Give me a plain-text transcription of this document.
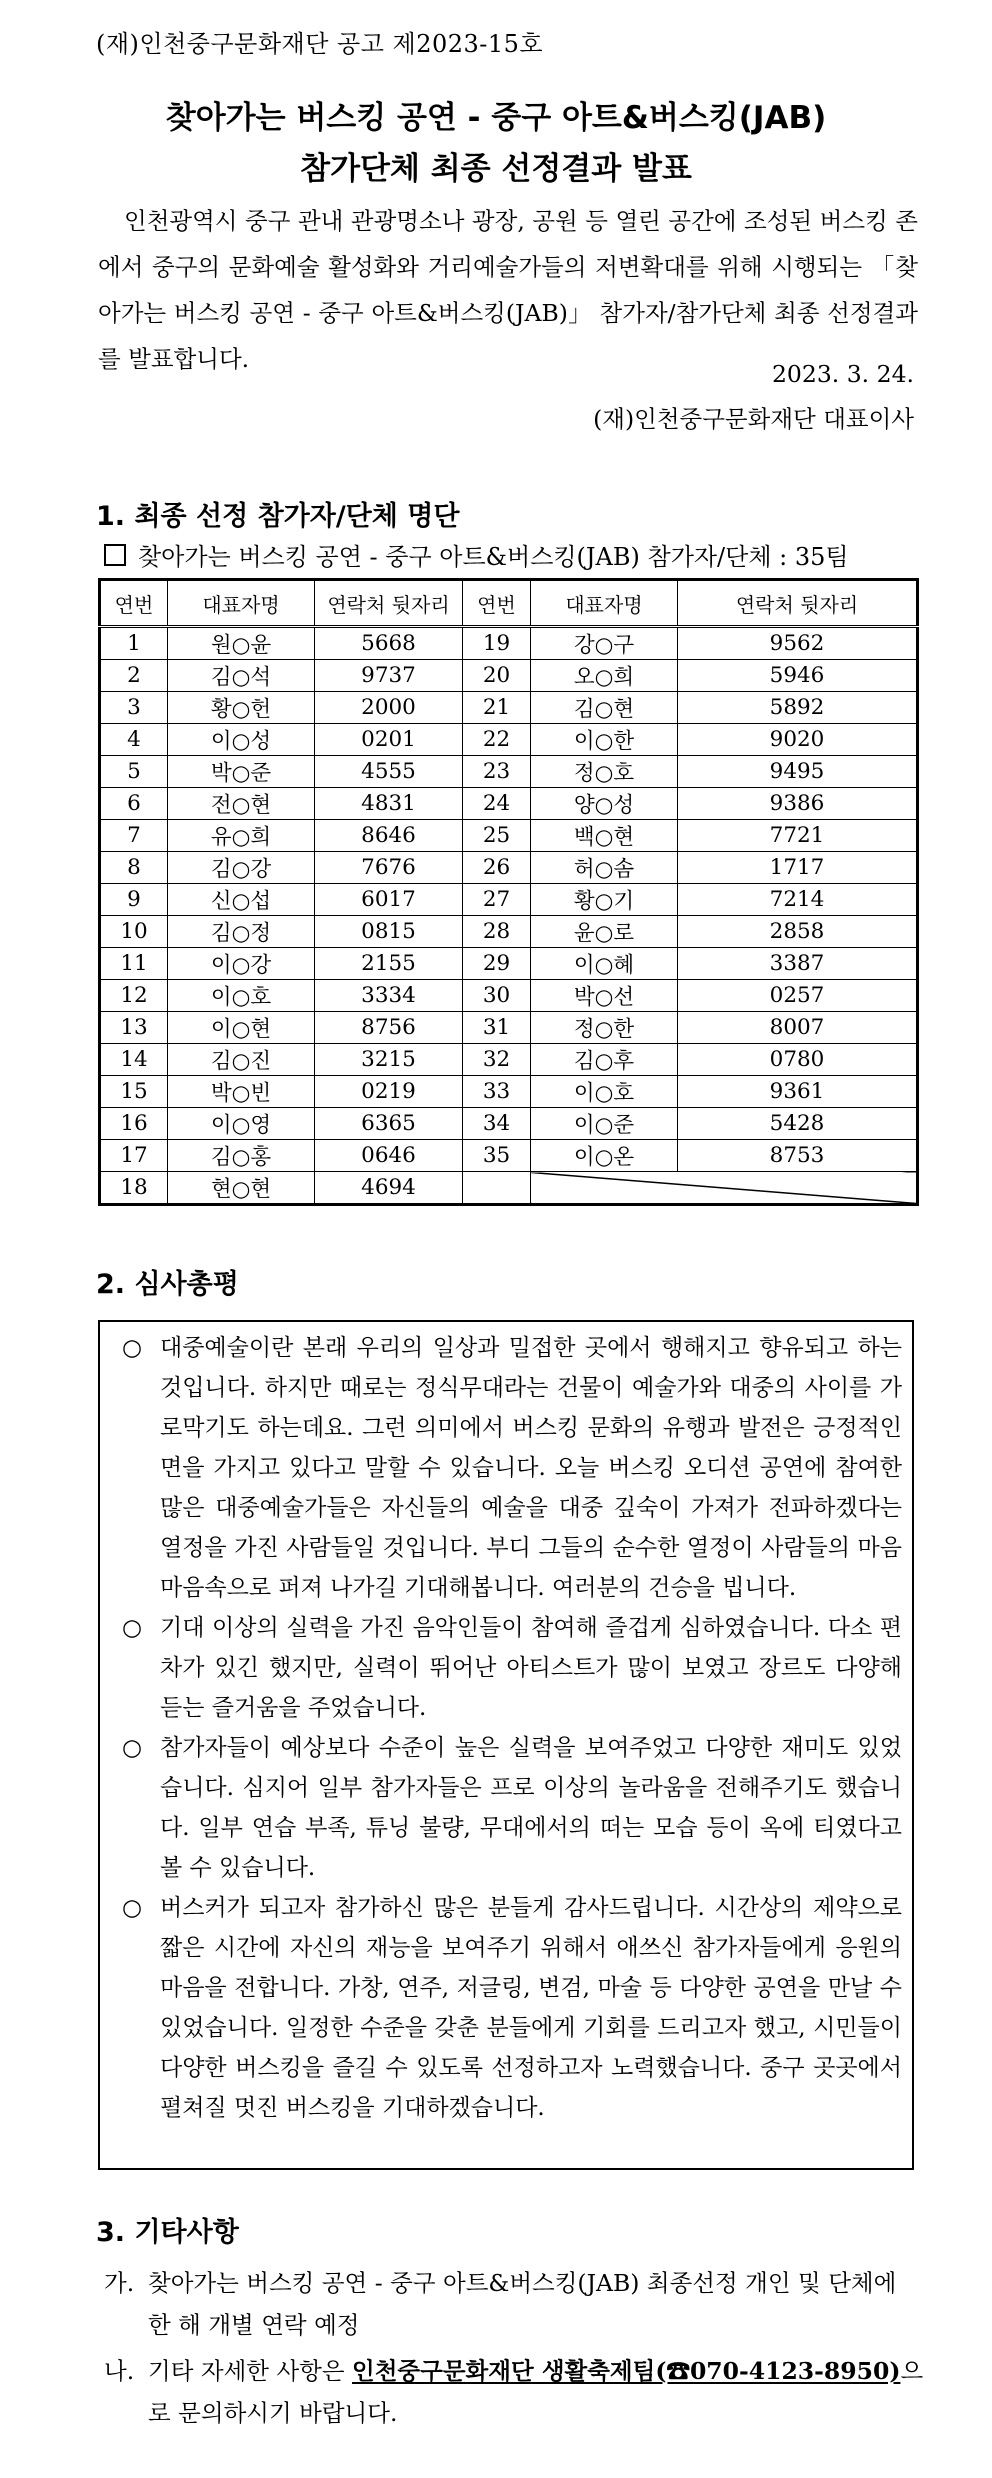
(재)인천중구문화재단 공고 제2023-15호
찾아가는 버스킹 공연 - 중구 아트&버스킹(JAB)
참가단체 최종 선정결과 발표
인천광역시 중구 관내 관광명소나 광장, 공원 등 열린 공간에 조성된 버스킹 존에서 중구의 문화예술 활성화와 거리예술가들의 저변확대를 위해 시행되는 「찾아가는 버스킹 공연 - 중구 아트&버스킹(JAB)」 참가자/참가단체 최종 선정결과를 발표합니다.
2023. 3. 24.
(재)인천중구문화재단 대표이사
1. 최종 선정 참가자/단체 명단
찾아가는 버스킹 공연 - 중구 아트&버스킹(JAB) 참가자/단체 : 35팀
연번	대표자명	연락처 뒷자리	연번	대표자명	연락처 뒷자리
1	원○윤	5668	19	강○구	9562
2	김○석	9737	20	오○희	5946
3	황○헌	2000	21	김○현	5892
4	이○성	0201	22	이○한	9020
5	박○준	4555	23	정○호	9495
6	전○현	4831	24	양○성	9386
7	유○희	8646	25	백○현	7721
8	김○강	7676	26	허○솜	1717
9	신○섭	6017	27	황○기	7214
10	김○정	0815	28	윤○로	2858
11	이○강	2155	29	이○혜	3387
12	이○호	3334	30	박○선	0257
13	이○현	8756	31	정○한	8007
14	김○진	3215	32	김○후	0780
15	박○빈	0219	33	이○호	9361
16	이○영	6365	34	이○준	5428
17	김○홍	0646	35	이○온	8753
18	현○현	4694			
2. 심사총평
○ 대중예술이란 본래 우리의 일상과 밀접한 곳에서 행해지고 향유되고 하는 것입니다. 하지만 때로는 정식무대라는 건물이 예술가와 대중의 사이를 가로막기도 하는데요. 그런 의미에서 버스킹 문화의 유행과 발전은 긍정적인 면을 가지고 있다고 말할 수 있습니다. 오늘 버스킹 오디션 공연에 참여한 많은 대중예술가들은 자신들의 예술을 대중 깊숙이 가져가 전파하겠다는 열정을 가진 사람들일 것입니다. 부디 그들의 순수한 열정이 사람들의 마음 마음속으로 퍼져 나가길 기대해봅니다. 여러분의 건승을 빕니다.
○ 기대 이상의 실력을 가진 음악인들이 참여해 즐겁게 심하였습니다. 다소 편차가 있긴 했지만, 실력이 뛰어난 아티스트가 많이 보였고 장르도 다양해 듣는 즐거움을 주었습니다.
○ 참가자들이 예상보다 수준이 높은 실력을 보여주었고 다양한 재미도 있었습니다. 심지어 일부 참가자들은 프로 이상의 놀라움을 전해주기도 했습니다. 일부 연습 부족, 튜닝 불량, 무대에서의 떠는 모습 등이 옥에 티였다고 볼 수 있습니다.
○ 버스커가 되고자 참가하신 많은 분들게 감사드립니다. 시간상의 제약으로 짧은 시간에 자신의 재능을 보여주기 위해서 애쓰신 참가자들에게 응원의 마음을 전합니다. 가창, 연주, 저글링, 변검, 마술 등 다양한 공연을 만날 수 있었습니다. 일정한 수준을 갖춘 분들에게 기회를 드리고자 했고, 시민들이 다양한 버스킹을 즐길 수 있도록 선정하고자 노력했습니다. 중구 곳곳에서 펼쳐질 멋진 버스킹을 기대하겠습니다.
3. 기타사항
가. 찾아가는 버스킹 공연 - 중구 아트&버스킹(JAB) 최종선정 개인 및 단체에 한 해 개별 연락 예정
나. 기타 자세한 사항은 인천중구문화재단 생활축제팀(☎070-4123-8950)으로 문의하시기 바랍니다.
